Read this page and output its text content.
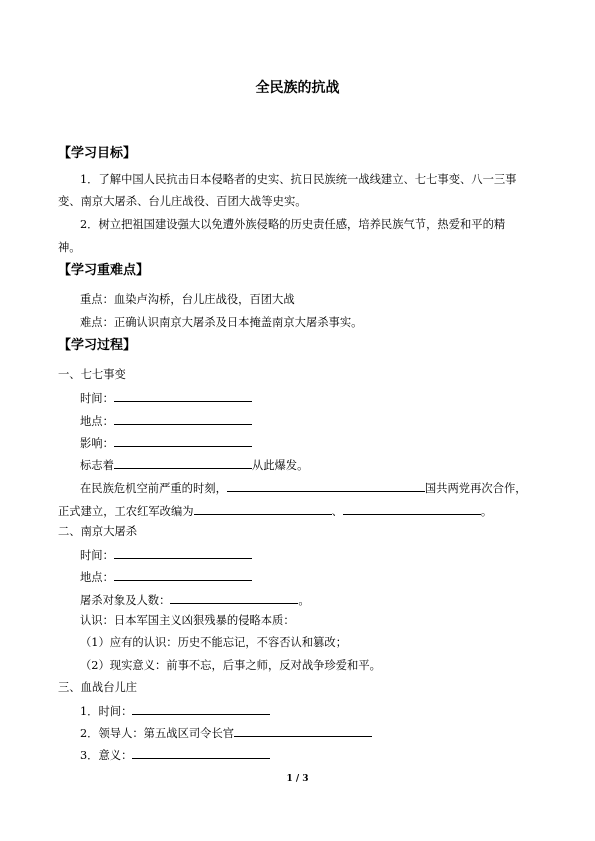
全民族的抗战
【学习目标】
1．了解中国人民抗击日本侵略者的史实、抗日民族统一战线建立、七七事变、八一三事
变、南京大屠杀、台儿庄战役、百团大战等史实。
2．树立把祖国建设强大以免遭外族侵略的历史责任感，培养民族气节，热爱和平的精
神。
【学习重难点】
重点：血染卢沟桥，台儿庄战役，百团大战
难点：正确认识南京大屠杀及日本掩盖南京大屠杀事实。
【学习过程】
一、七七事变
时间：
地点：
影响：
标志着	从此爆发。
在民族危机空前严重的时刻，	国共两党再次合作，
正式建立，工农红军改编为	、	。
二、南京大屠杀
时间：
地点：
屠杀对象及人数：	。
认识：日本军国主义凶狠残暴的侵略本质：
（1）应有的认识：历史不能忘记，不容否认和篡改；
（2）现实意义：前事不忘，后事之师，反对战争珍爱和平。
三、血战台儿庄
1．时间：
2．领导人：第五战区司令长官
3．意义：
1 / 3
